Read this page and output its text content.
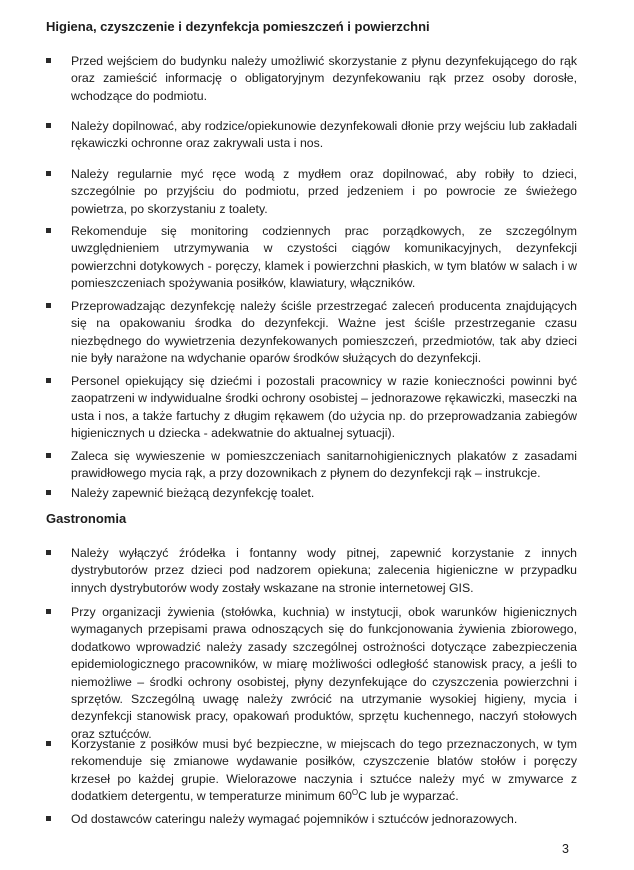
Higiena, czyszczenie i dezynfekcja pomieszczeń i powierzchni
Przed wejściem do budynku należy umożliwić skorzystanie z płynu dezynfekującego do rąk oraz zamieścić informację o obligatoryjnym dezynfekowaniu rąk przez osoby dorosłe, wchodzące do podmiotu.
Należy dopilnować, aby rodzice/opiekunowie dezynfekowali dłonie przy wejściu lub zakładali rękawiczki ochronne oraz zakrywali usta i nos.
Należy regularnie myć ręce wodą z mydłem oraz dopilnować, aby robiły to dzieci, szczególnie po przyjściu do podmiotu, przed jedzeniem i po powrocie ze świeżego powietrza, po skorzystaniu z toalety.
Rekomenduje się monitoring codziennych prac porządkowych, ze szczególnym uwzględnieniem utrzymywania w czystości ciągów komunikacyjnych, dezynfekcji powierzchni dotykowych - poręczy, klamek i powierzchni płaskich, w tym blatów w salach i w pomieszczeniach spożywania posiłków, klawiatury, włączników.
Przeprowadzając dezynfekcję należy ściśle przestrzegać zaleceń producenta znajdujących się na opakowaniu środka do dezynfekcji. Ważne jest ściśle przestrzeganie czasu niezbędnego do wywietrzenia dezynfekowanych pomieszczeń, przedmiotów, tak aby dzieci nie były narażone na wdychanie oparów środków służących do dezynfekcji.
Personel opiekujący się dziećmi i pozostali pracownicy w razie konieczności powinni być zaopatrzeni w indywidualne środki ochrony osobistej – jednorazowe rękawiczki, maseczki na usta i nos, a także fartuchy z długim rękawem (do użycia np. do przeprowadzania zabiegów higienicznych u dziecka - adekwatnie do aktualnej sytuacji).
Zaleca się wywieszenie w pomieszczeniach sanitarnohigienicznych plakatów z zasadami prawidłowego mycia rąk, a przy dozownikach z płynem do dezynfekcji rąk – instrukcje.
Należy zapewnić bieżącą dezynfekcję toalet.
Gastronomia
Należy wyłączyć źródełka i fontanny wody pitnej, zapewnić korzystanie z innych dystrybutorów przez dzieci pod nadzorem opiekuna; zalecenia higieniczne w przypadku innych dystrybutorów wody zostały wskazane na stronie internetowej GIS.
Przy organizacji żywienia (stołówka, kuchnia) w instytucji, obok warunków higienicznych wymaganych przepisami prawa odnoszących się do funkcjonowania żywienia zbiorowego, dodatkowo wprowadzić należy zasady szczególnej ostrożności dotyczące zabezpieczenia epidemiologicznego pracowników, w miarę możliwości odległość stanowisk pracy, a jeśli to niemożliwe – środki ochrony osobistej, płyny dezynfekujące do czyszczenia powierzchni i sprzętów. Szczególną uwagę należy zwrócić na utrzymanie wysokiej higieny, mycia i dezynfekcji stanowisk pracy, opakowań produktów, sprzętu kuchennego, naczyń stołowych oraz sztućców.
Korzystanie z posiłków musi być bezpieczne, w miejscach do tego przeznaczonych, w tym rekomenduje się zmianowe wydawanie posiłków, czyszczenie blatów stołów i poręczy krzeseł po każdej grupie. Wielorazowe naczynia i sztućce należy myć w zmywarce z dodatkiem detergentu, w temperaturze minimum $60^OC$ lub je wyparzać.
Od dostawców cateringu należy wymagać pojemników i sztućców jednorazowych.
3
